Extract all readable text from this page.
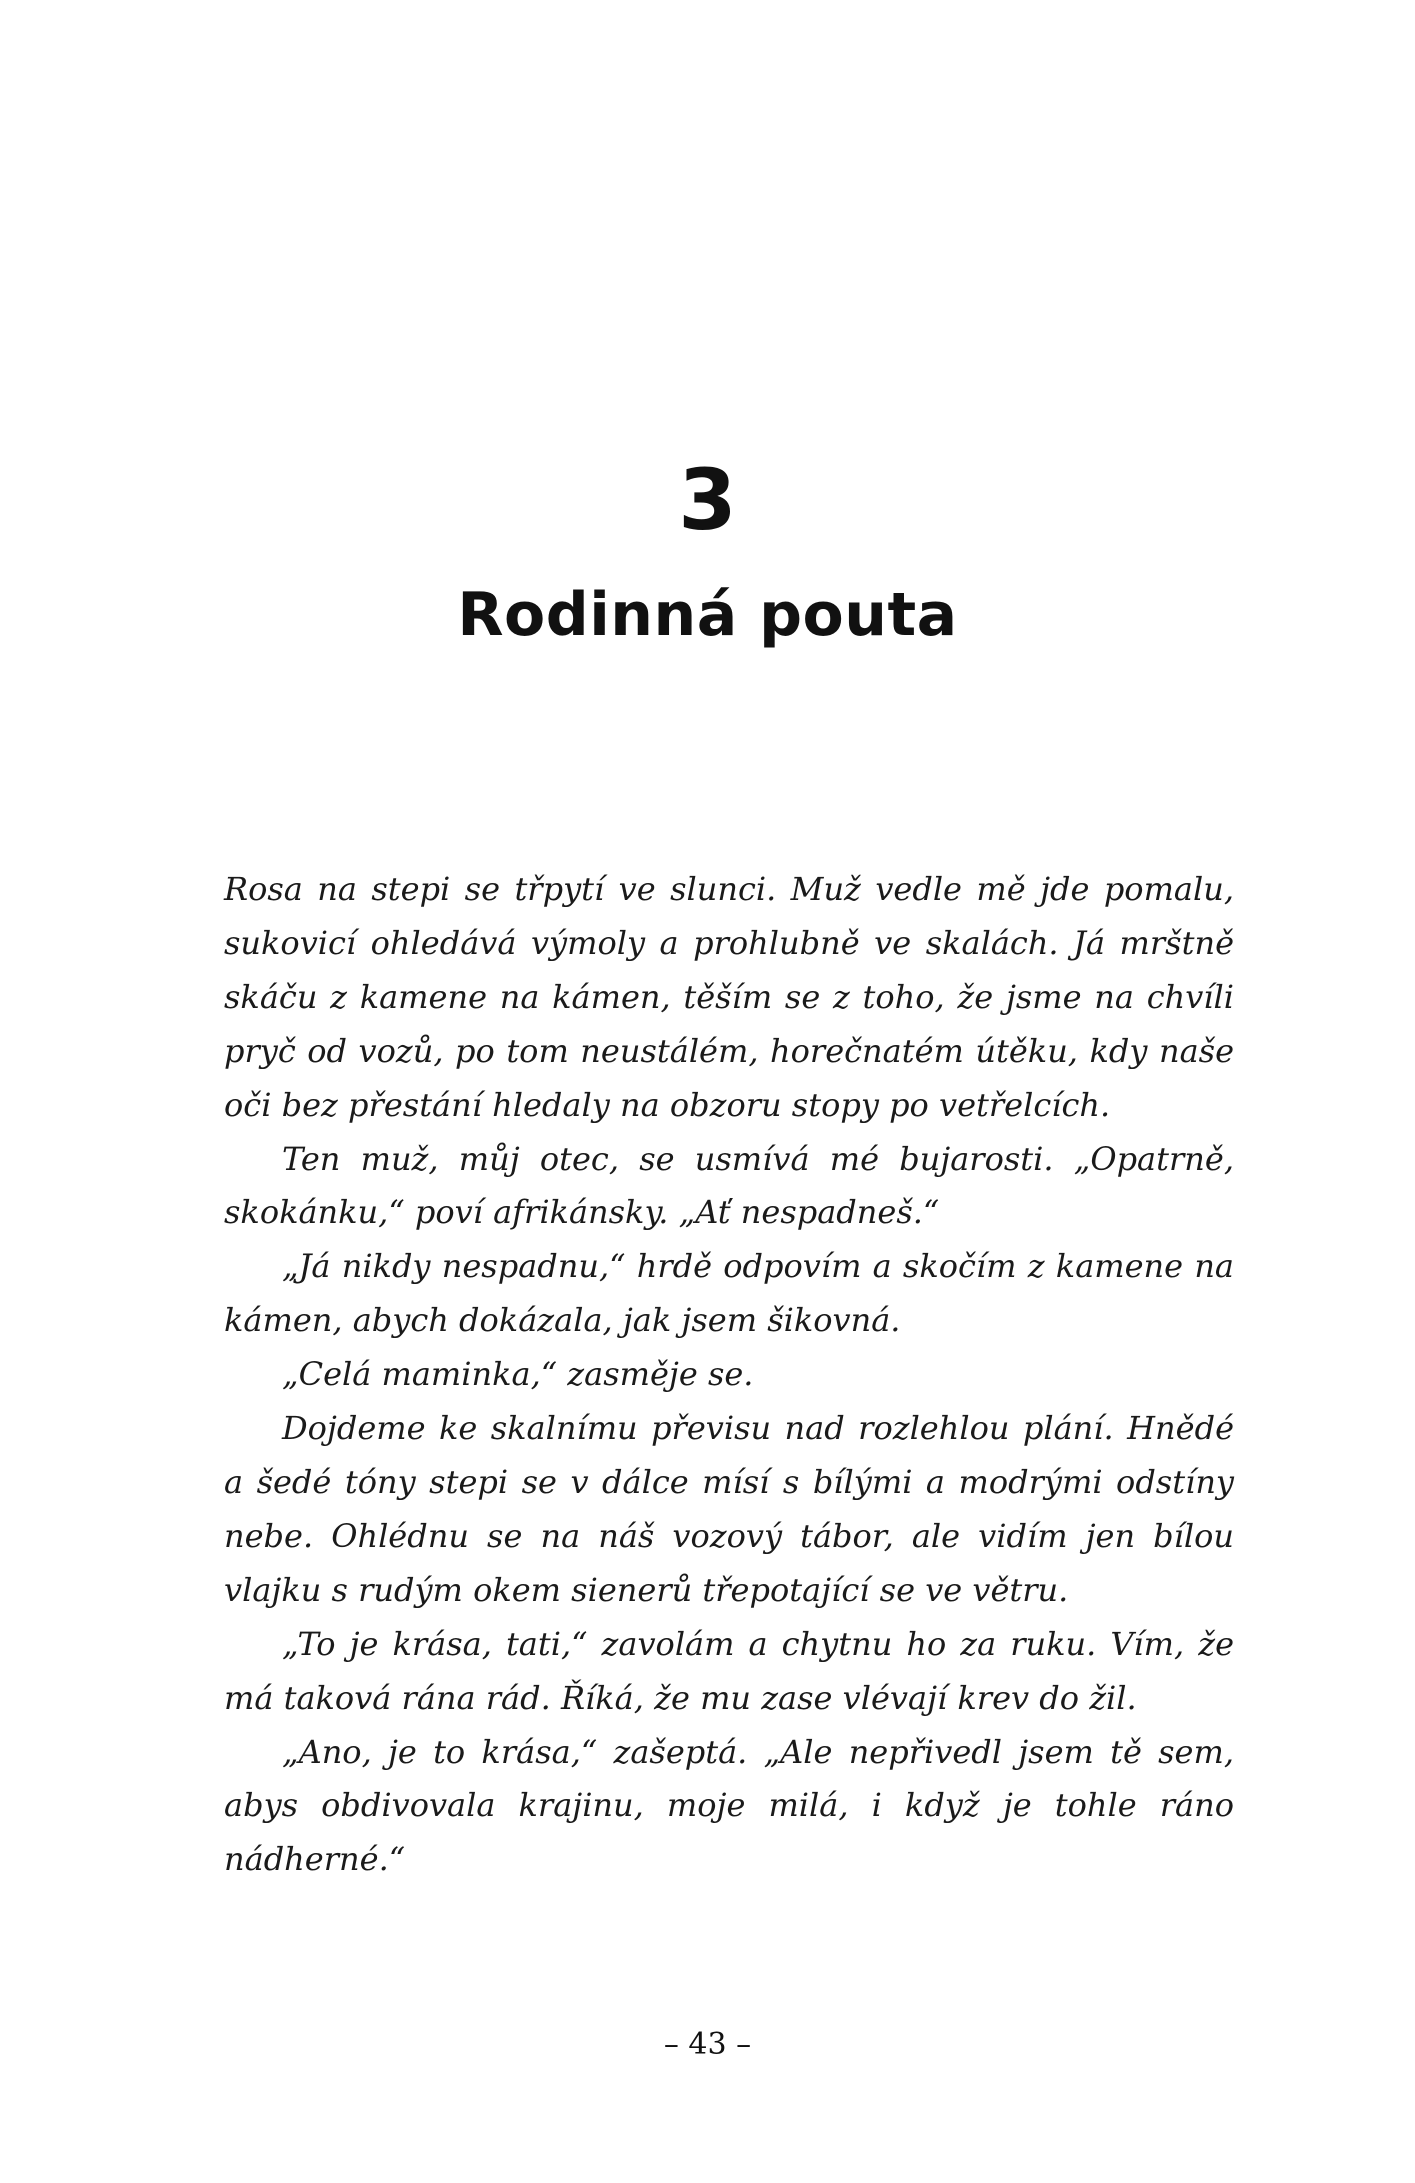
3
Rodinná pouta

Rosa na stepi se třpytí ve slunci. Muž vedle mě jde pomalu, sukovicí ohledává výmoly a prohlubně ve skalách. Já mrštně skáču z kamene na kámen, těším se z toho, že jsme na chvíli pryč od vozů, po tom neustálém, horečnatém útěku, kdy naše oči bez přestání hledaly na obzoru stopy po vetřelcích.

Ten muž, můj otec, se usmívá mé bujarosti. „Opatrně, skokánku,“ poví afrikánsky. „Ať nespadneš.“

„Já nikdy nespadnu,“ hrdě odpovím a skočím z kamene na kámen, abych dokázala, jak jsem šikovná.

„Celá maminka,“ zasměje se.

Dojdeme ke skalnímu převisu nad rozlehlou plání. Hnědé a šedé tóny stepi se v dálce mísí s bílými a modrými odstíny nebe. Ohlédnu se na náš vozový tábor, ale vidím jen bílou vlajku s rudým okem sienerů třepotající se ve větru.

„To je krása, tati,“ zavolám a chytnu ho za ruku. Vím, že má taková rána rád. Říká, že mu zase vlévají krev do žil.

„Ano, je to krása,“ zašeptá. „Ale nepřivedl jsem tě sem, abys obdivovala krajinu, moje milá, i když je tohle ráno nádherné.“

– 43 –
